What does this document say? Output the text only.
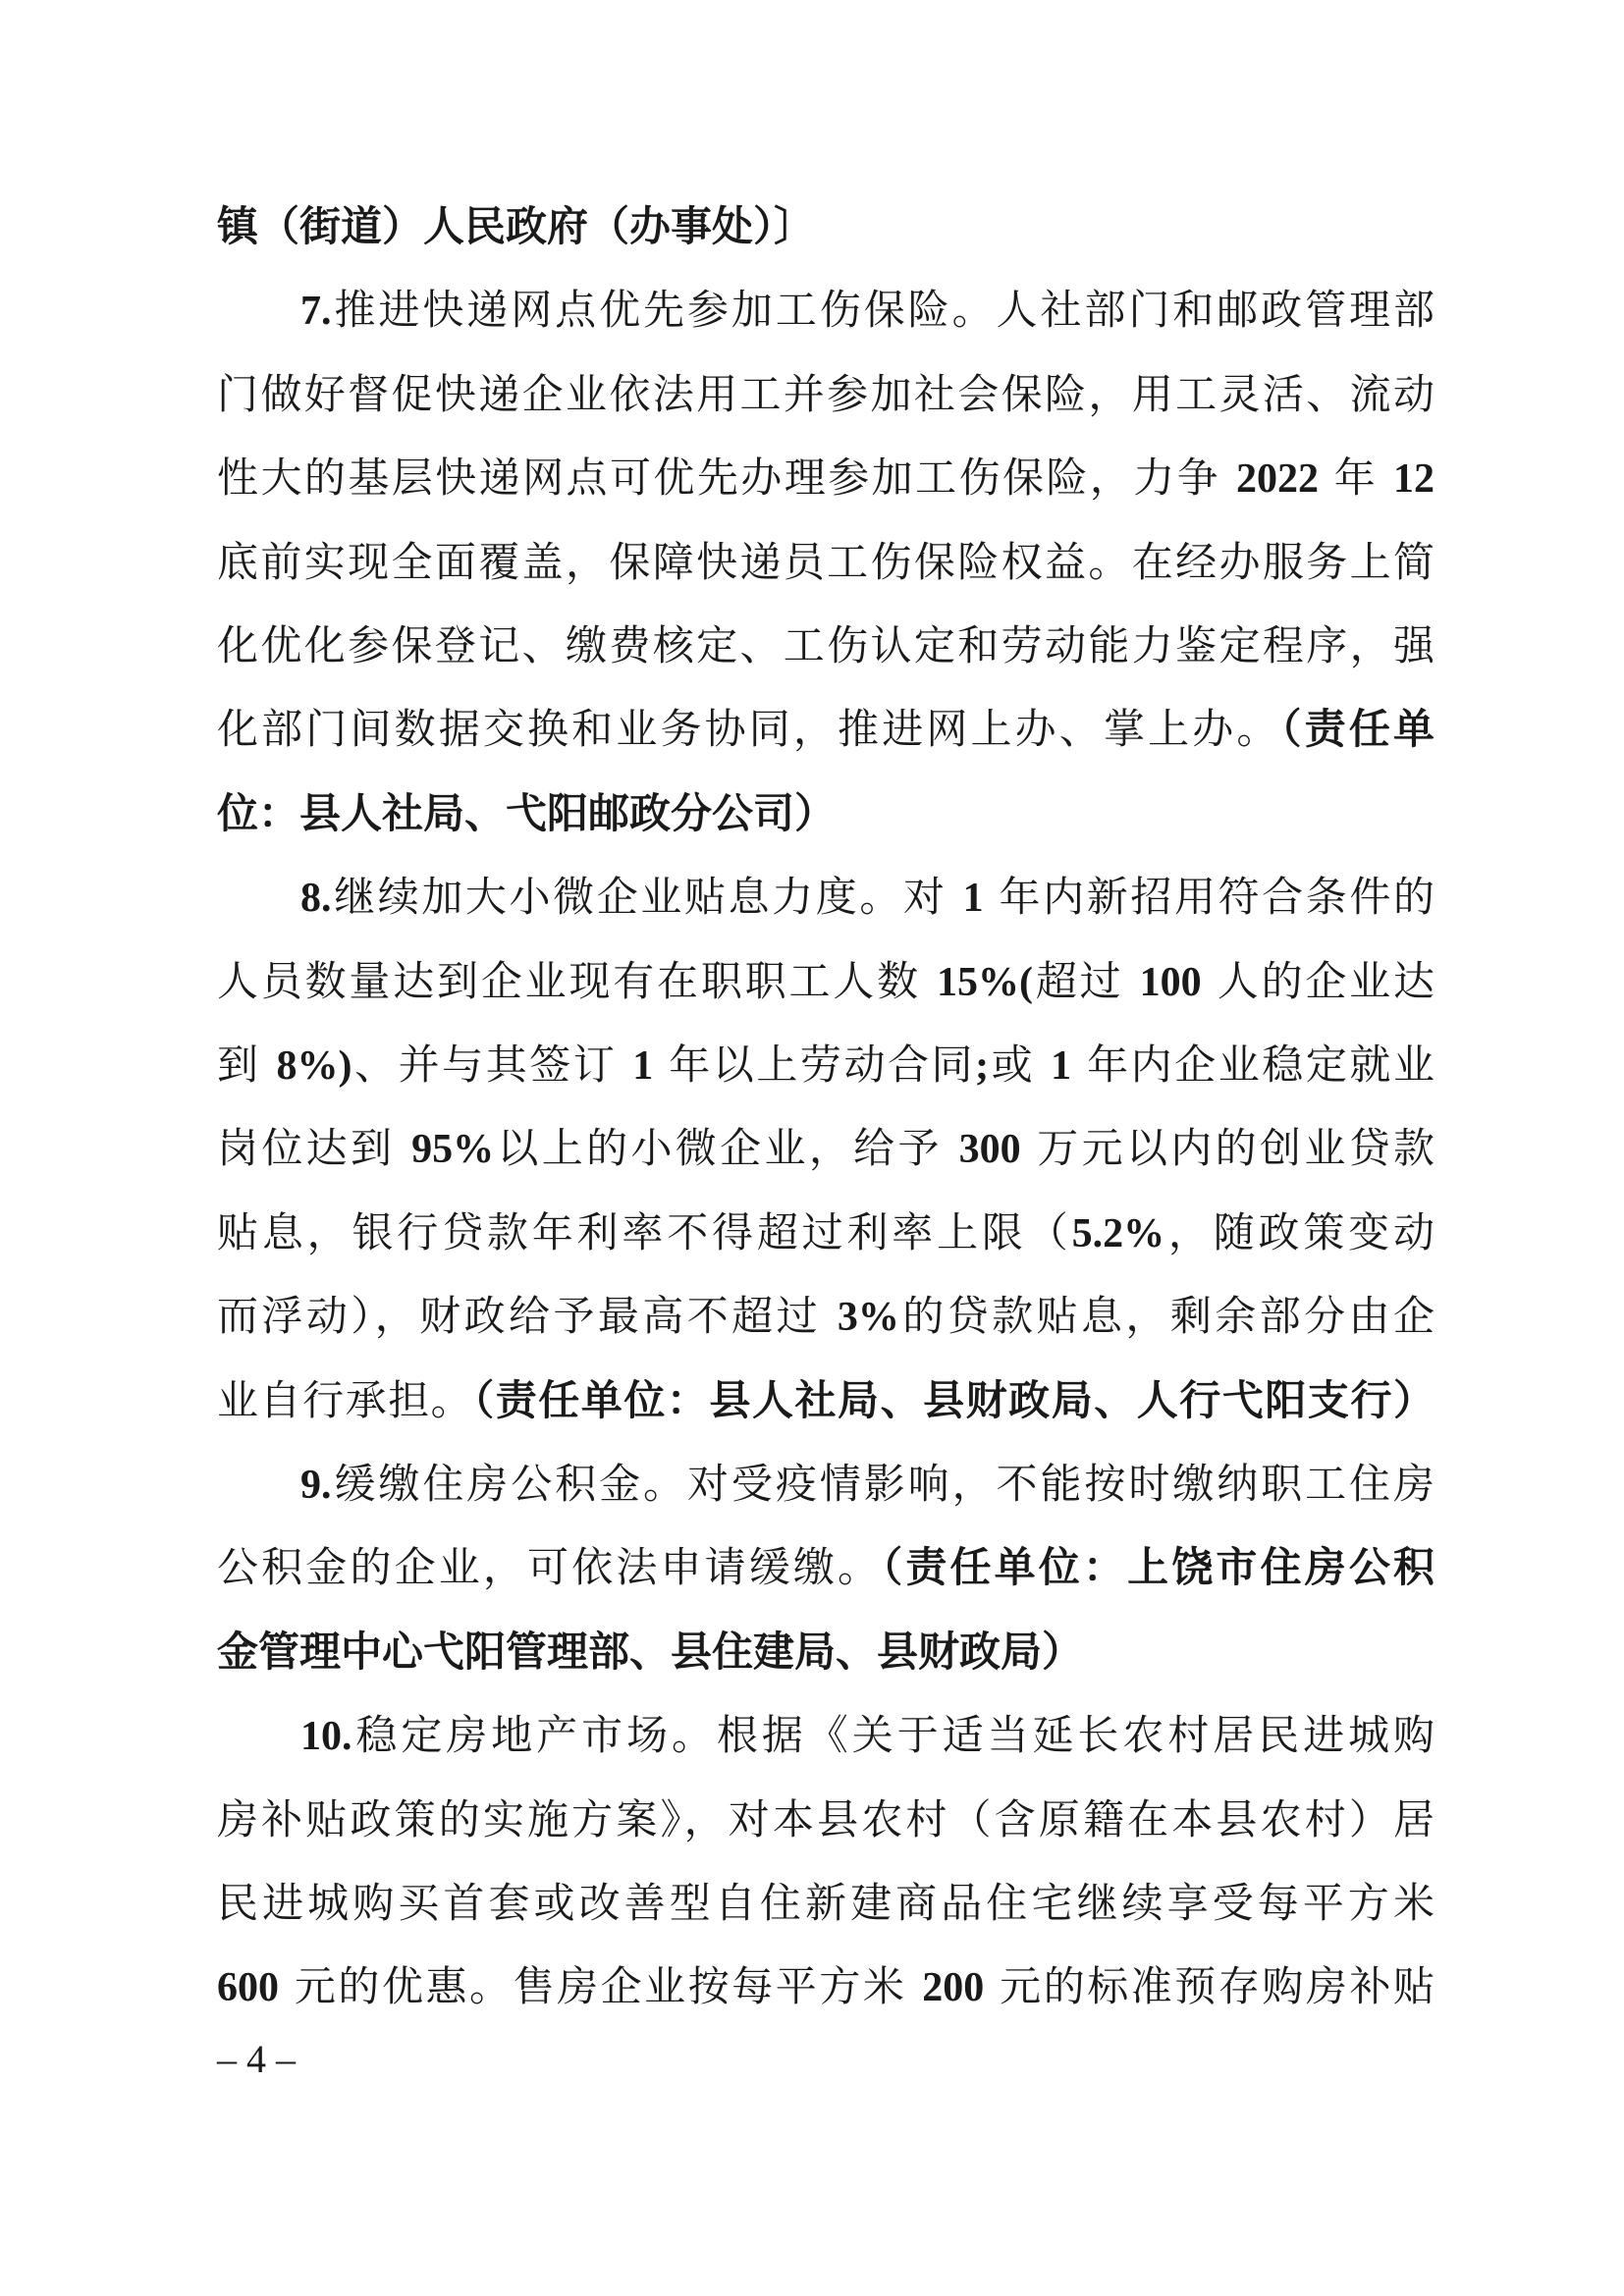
镇（街道）人民政府（办事处）〕
7.推进快递网点优先参加工伤保险。人社部门和邮政管理部
门做好督促快递企业依法用工并参加社会保险，用工灵活、流动
性大的基层快递网点可优先办理参加工伤保险，力争 2022 年 12
底前实现全面覆盖，保障快递员工伤保险权益。在经办服务上简
化优化参保登记、缴费核定、工伤认定和劳动能力鉴定程序，强
化部门间数据交换和业务协同，推进网上办、掌上办。（责任单
位：县人社局、弋阳邮政分公司）
8.继续加大小微企业贴息力度。对 1 年内新招用符合条件的
人员数量达到企业现有在职职工人数 15%(超过 100 人的企业达
到 8%)、并与其签订 1 年以上劳动合同;或 1 年内企业稳定就业
岗位达到 95%以上的小微企业，给予 300 万元以内的创业贷款
贴息，银行贷款年利率不得超过利率上限（5.2%，随政策变动
而浮动），财政给予最高不超过 3%的贷款贴息，剩余部分由企
业自行承担。（责任单位：县人社局、县财政局、人行弋阳支行）
9.缓缴住房公积金。对受疫情影响，不能按时缴纳职工住房
公积金的企业，可依法申请缓缴。（责任单位：上饶市住房公积
金管理中心弋阳管理部、县住建局、县财政局）
10.稳定房地产市场。根据《关于适当延长农村居民进城购
房补贴政策的实施方案》，对本县农村（含原籍在本县农村）居
民进城购买首套或改善型自住新建商品住宅继续享受每平方米
600 元的优惠。售房企业按每平方米 200 元的标准预存购房补贴
– 4 –
